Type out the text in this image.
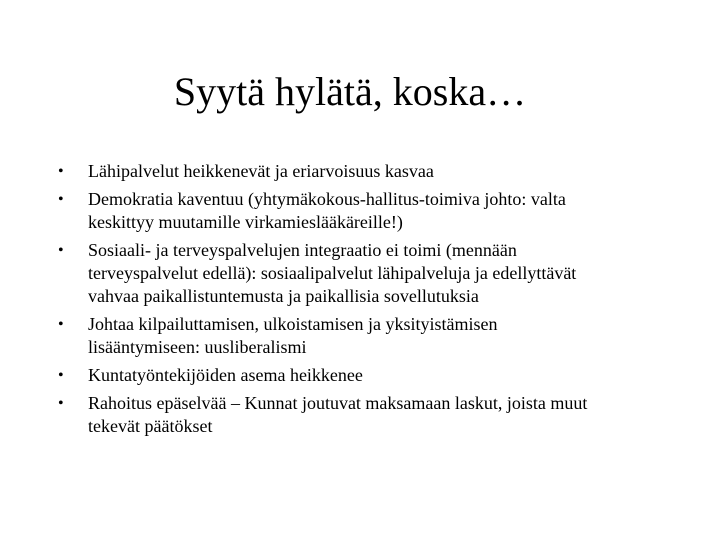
Syytä hylätä, koska…
•	Lähipalvelut heikkenevät ja eriarvoisuus kasvaa
•	Demokratia kaventuu (yhtymäkokous-hallitus-toimiva johto: valta
keskittyy muutamille virkamieslääkäreille!)
•	Sosiaali- ja terveyspalvelujen integraatio ei toimi (mennään
terveyspalvelut edellä): sosiaalipalvelut lähipalveluja ja edellyttävät
vahvaa paikallistuntemusta ja paikallisia sovellutuksia
•	Johtaa kilpailuttamisen, ulkoistamisen ja yksityistämisen
lisääntymiseen: uusliberalismi
•	Kuntatyöntekijöiden asema heikkenee
•	Rahoitus epäselvää – Kunnat joutuvat maksamaan laskut, joista muut
tekevät päätökset
